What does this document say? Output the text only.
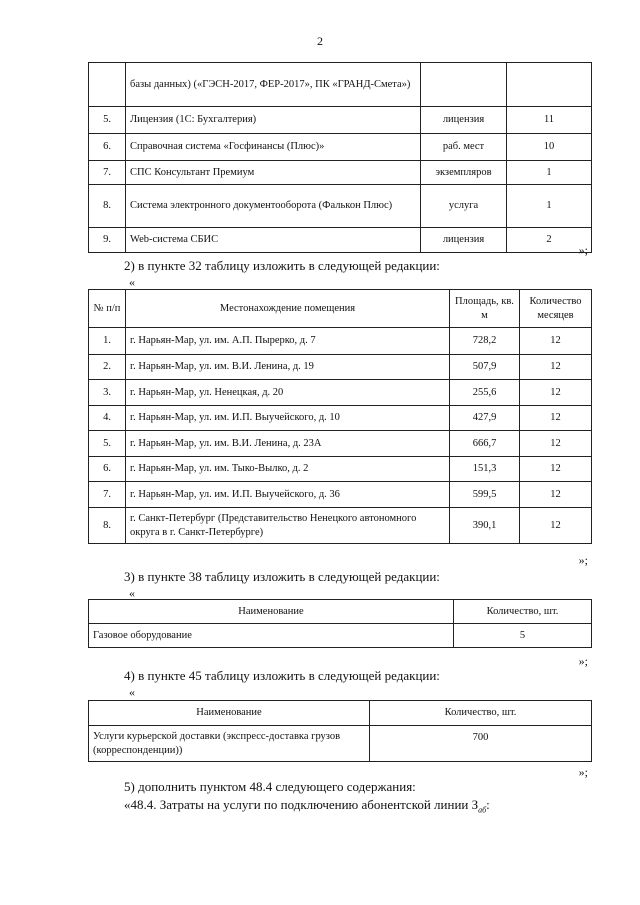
2
	базы данных) («ГЭСН-2017, ФЕР-2017», ПК «ГРАНД-Смета»)		
5.	Лицензия (1С: Бухгалтерия)	лицензия	11
6.	Справочная система «Госфинансы (Плюс)»	раб. мест	10
7.	СПС Консультант Премиум	экземпляров	1
8.	Система электронного документооборота (Фалькон Плюс)	услуга	1
9.	Web-система СБИС	лицензия	2
»;
2) в пункте 32 таблицу изложить в следующей редакции:
«
№ п/п	Местонахождение помещения	Площадь, кв. м	Количество месяцев
1.	г. Нарьян-Мар, ул. им. А.П. Пырерко, д. 7	728,2	12
2.	г. Нарьян-Мар, ул. им. В.И. Ленина, д. 19	507,9	12
3.	г. Нарьян-Мар, ул. Ненецкая, д. 20	255,6	12
4.	г. Нарьян-Мар, ул. им. И.П. Выучейского, д. 10	427,9	12
5.	г. Нарьян-Мар, ул. им. В.И. Ленина, д. 23А	666,7	12
6.	г. Нарьян-Мар, ул. им. Тыко-Вылко, д. 2	151,3	12
7.	г. Нарьян-Мар, ул. им. И.П. Выучейского, д. 36	599,5	12
8.	г. Санкт-Петербург (Представительство Ненецкого автономного округа в г. Санкт-Петербурге)	390,1	12
»;
3) в пункте 38 таблицу изложить в следующей редакции:
«
Наименование	Количество, шт.
Газовое оборудование	5
»;
4) в пункте 45 таблицу изложить в следующей редакции:
«
Наименование	Количество, шт.
Услуги курьерской доставки (экспресс-доставка грузов (корреспонденции))	700
»;
5) дополнить пунктом 48.4 следующего содержания:
«48.4. Затраты на услуги по подключению абонентской линии $З_{аб}$:
